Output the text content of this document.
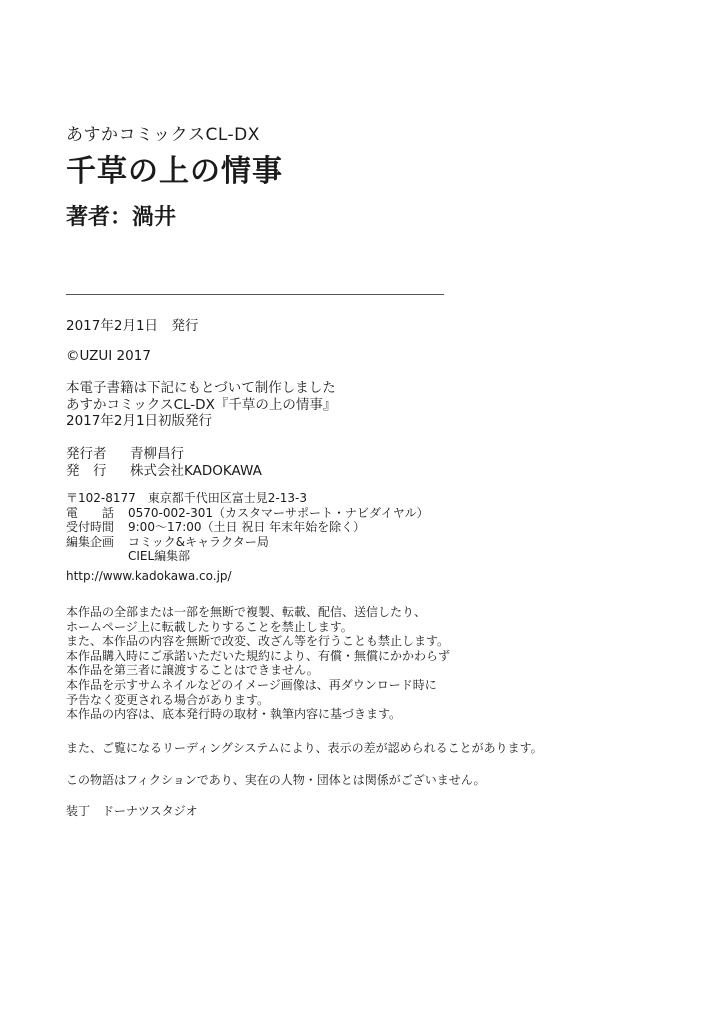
あすかコミックスCL-DX
千草の上の情事
著者：渦井
2017年2月1日　発行
©UZUI 2017
本電子書籍は下記にもとづいて制作しました
あすかコミックスCL-DX『千草の上の情事』
2017年2月1日初版発行
発行者	青柳昌行
発　行	株式会社KADOKAWA
〒102-8177　東京都千代田区富士見2-13-3
電　　話	0570-002-301（カスタマーサポート・ナビダイヤル）
受付時間	9:00～17:00（土日 祝日 年末年始を除く）
編集企画	コミック&キャラクター局
CIEL編集部
http://www.kadokawa.co.jp/
本作品の全部または一部を無断で複製、転載、配信、送信したり、
ホームページ上に転載したりすることを禁止します。
また、本作品の内容を無断で改変、改ざん等を行うことも禁止します。
本作品購入時にご承諾いただいた規約により、有償・無償にかかわらず
本作品を第三者に譲渡することはできません。
本作品を示すサムネイルなどのイメージ画像は、再ダウンロード時に
予告なく変更される場合があります。
本作品の内容は、底本発行時の取材・執筆内容に基づきます。
また、ご覧になるリーディングシステムにより、表示の差が認められることがあります。
この物語はフィクションであり、実在の人物・団体とは関係がございません。
装丁　ドーナツスタジオ
